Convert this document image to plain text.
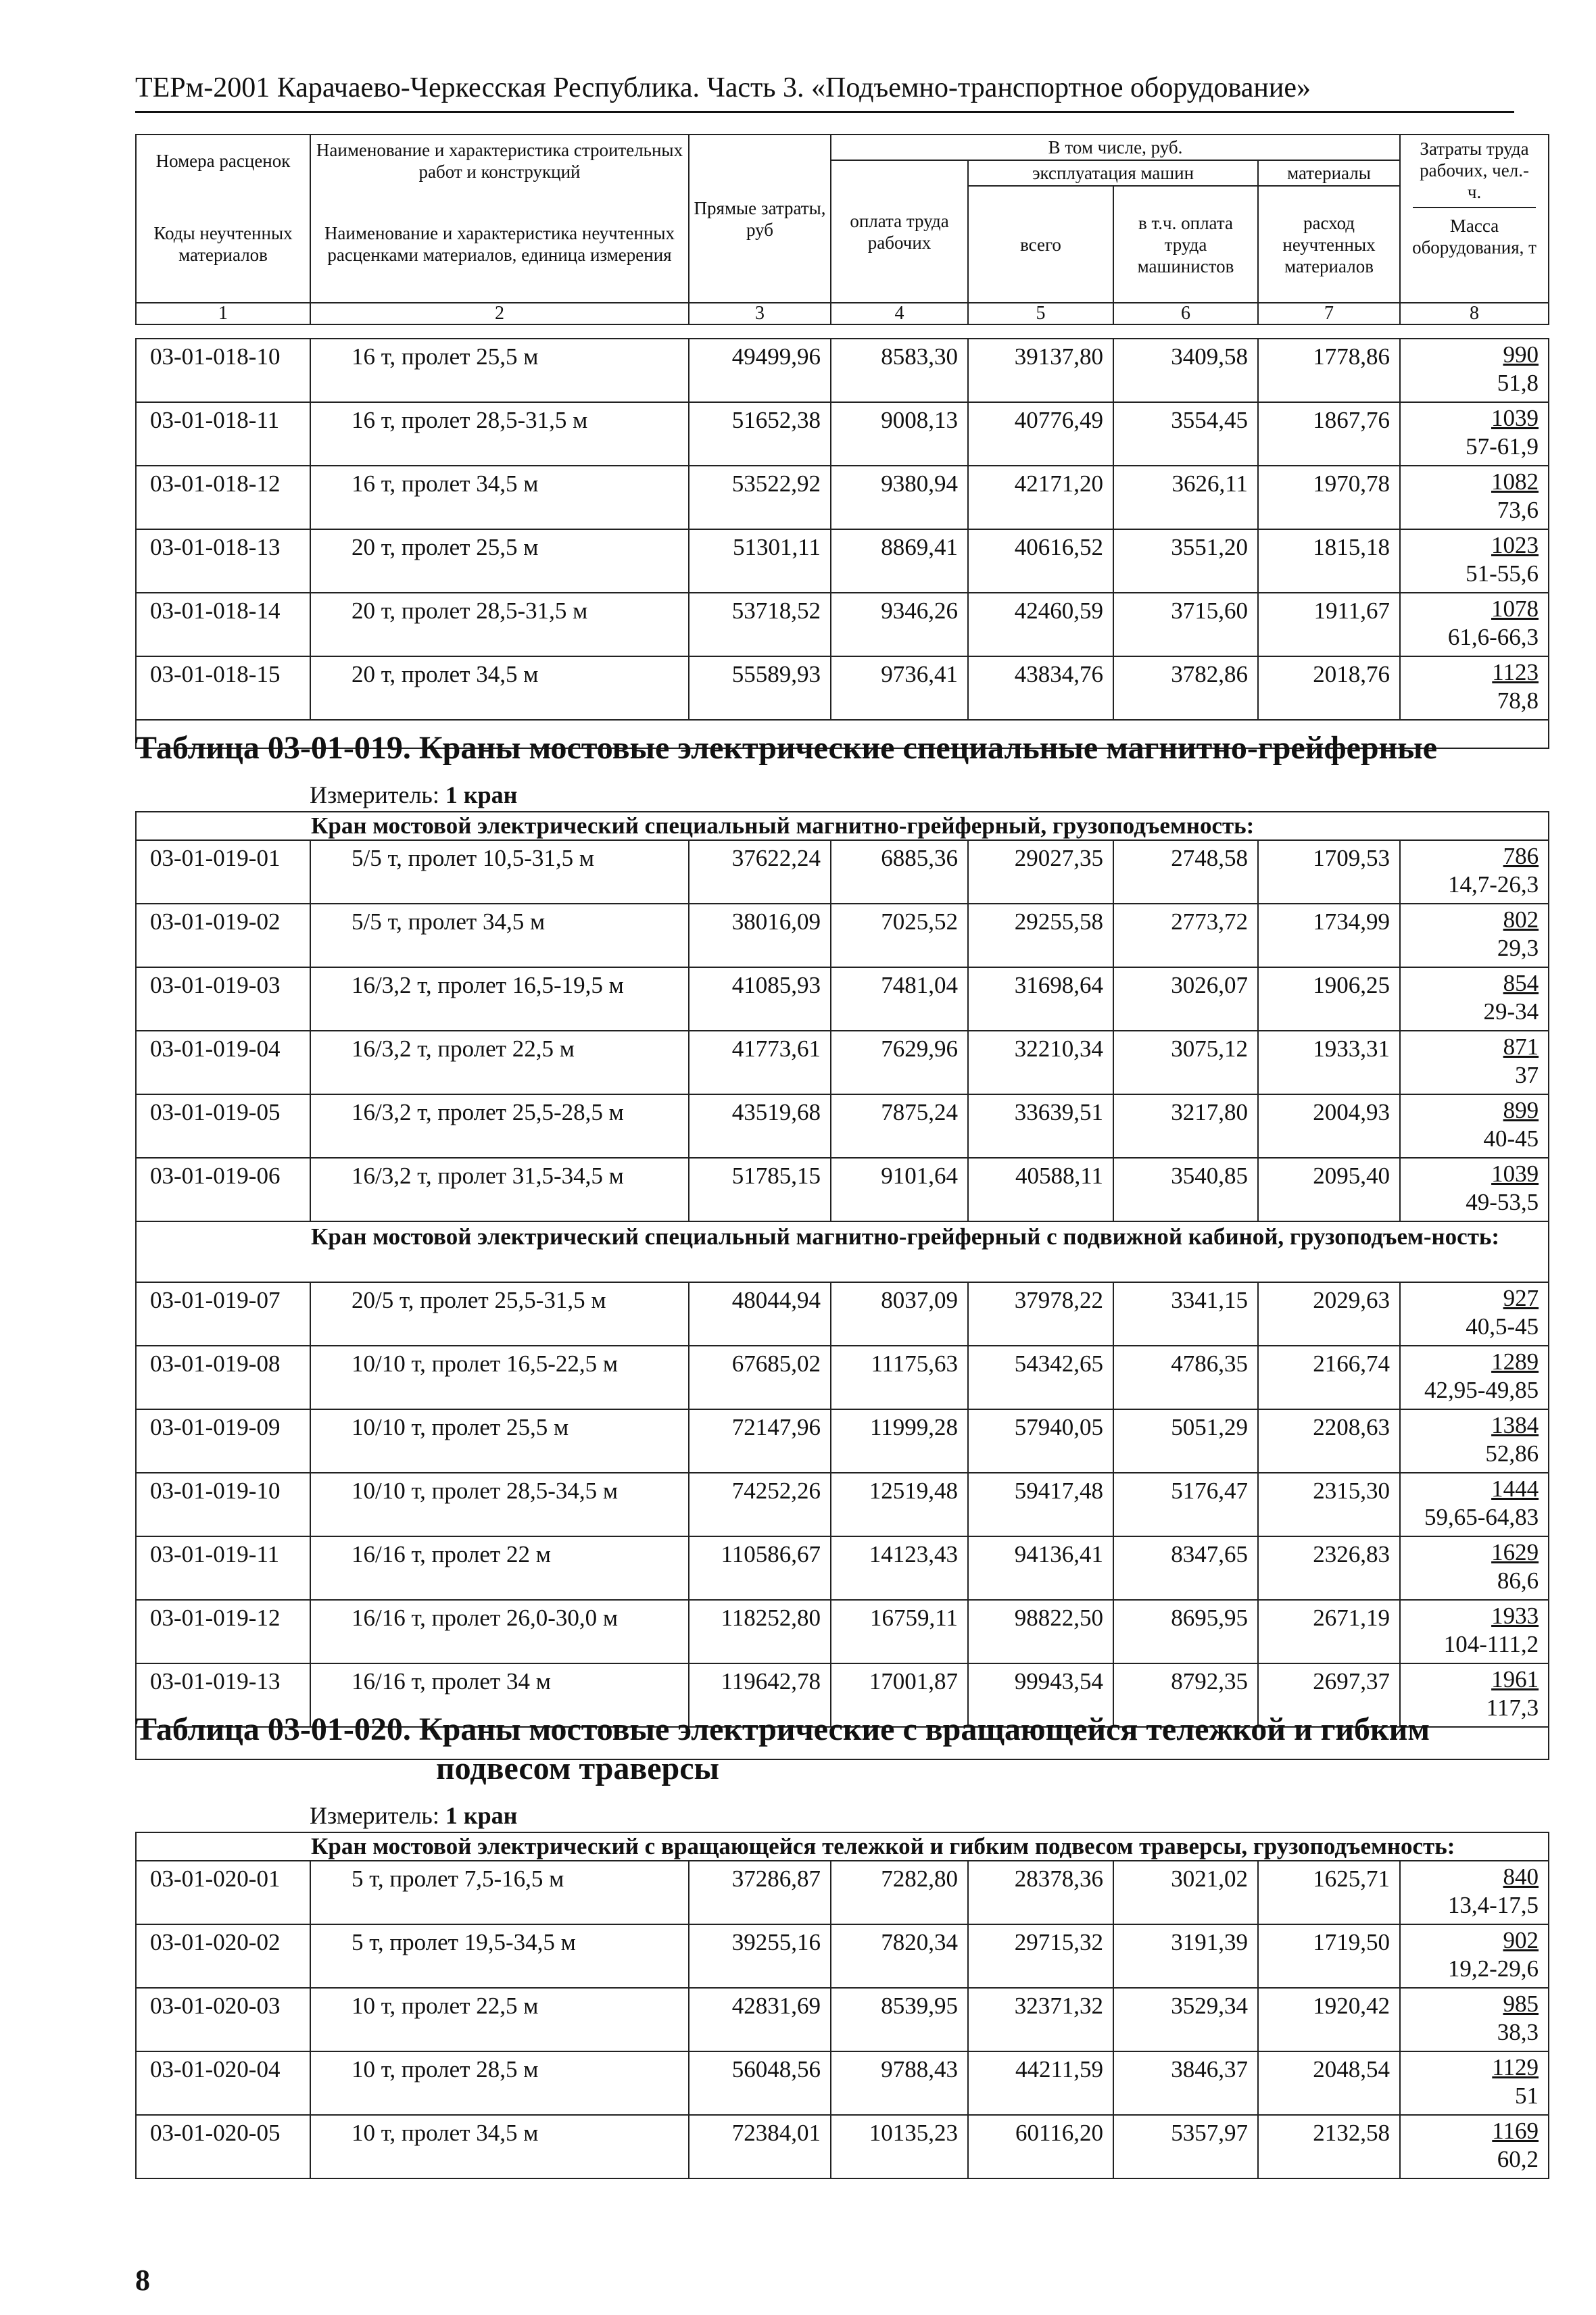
ТЕРм-2001 Карачаево-Черкесская Республика. Часть 3. «Подъемно-транспортное оборудование»
Номера расценок	Наименование и характеристика строительных работ и конструкций	Прямые затраты, руб	В том числе, руб.				Затраты труда рабочих, чел.-ч.
Масса оборудования, т

			оплата труда рабочих	эксплуатация машин		материалы	
Коды неучтенных материалов	Наименование и характеристика неучтенных расценками материалов, единица измерения			всего	в т.ч. оплата труда машинистов	расход неучтенных материалов	
1	2	3	4	5	6	7	8
03-01-018-10	16 т, пролет 25,5 м	49499,96	8583,30	39137,80	3409,58	1778,86	990
51,8

03-01-018-11	16 т, пролет 28,5-31,5 м	51652,38	9008,13	40776,49	3554,45	1867,76	1039
57-61,9

03-01-018-12	16 т, пролет 34,5 м	53522,92	9380,94	42171,20	3626,11	1970,78	1082
73,6

03-01-018-13	20 т, пролет 25,5 м	51301,11	8869,41	40616,52	3551,20	1815,18	1023
51-55,6

03-01-018-14	20 т, пролет 28,5-31,5 м	53718,52	9346,26	42460,59	3715,60	1911,67	1078
61,6-66,3

03-01-018-15	20 т, пролет 34,5 м	55589,93	9736,41	43834,76	3782,86	2018,76	1123
78,8

Таблица 03-01-019. Краны мостовые электрические специальные магнитно-грейферные
Измеритель: 1 кран
Кран мостовой электрический специальный магнитно-грейферный, грузоподъемность:							
03-01-019-01	5/5 т, пролет 10,5-31,5 м	37622,24	6885,36	29027,35	2748,58	1709,53	786
14,7-26,3

03-01-019-02	5/5 т, пролет 34,5 м	38016,09	7025,52	29255,58	2773,72	1734,99	802
29,3

03-01-019-03	16/3,2 т, пролет 16,5-19,5 м	41085,93	7481,04	31698,64	3026,07	1906,25	854
29-34

03-01-019-04	16/3,2 т, пролет 22,5 м	41773,61	7629,96	32210,34	3075,12	1933,31	871
37

03-01-019-05	16/3,2 т, пролет 25,5-28,5 м	43519,68	7875,24	33639,51	3217,80	2004,93	899
40-45

03-01-019-06	16/3,2 т, пролет 31,5-34,5 м	51785,15	9101,64	40588,11	3540,85	2095,40	1039
49-53,5

Кран мостовой электрический специальный магнитно-грейферный с подвижной кабиной, грузоподъем-ность:							
03-01-019-07	20/5 т, пролет 25,5-31,5 м	48044,94	8037,09	37978,22	3341,15	2029,63	927
40,5-45

03-01-019-08	10/10 т, пролет 16,5-22,5 м	67685,02	11175,63	54342,65	4786,35	2166,74	1289
42,95-49,85

03-01-019-09	10/10 т, пролет 25,5 м	72147,96	11999,28	57940,05	5051,29	2208,63	1384
52,86

03-01-019-10	10/10 т, пролет 28,5-34,5 м	74252,26	12519,48	59417,48	5176,47	2315,30	1444
59,65-64,83

03-01-019-11	16/16 т, пролет 22 м	110586,67	14123,43	94136,41	8347,65	2326,83	1629
86,6

03-01-019-12	16/16 т, пролет 26,0-30,0 м	118252,80	16759,11	98822,50	8695,95	2671,19	1933
104-111,2

03-01-019-13	16/16 т, пролет 34 м	119642,78	17001,87	99943,54	8792,35	2697,37	1961
117,3

Таблица 03-01-020. Краны мостовые электрические с вращающейся тележкой и гибким
подвесом траверсы
Измеритель: 1 кран
Кран мостовой электрический с вращающейся тележкой и гибким подвесом траверсы, грузоподъемность:							
03-01-020-01	5 т, пролет 7,5-16,5 м	37286,87	7282,80	28378,36	3021,02	1625,71	840
13,4-17,5

03-01-020-02	5 т, пролет 19,5-34,5 м	39255,16	7820,34	29715,32	3191,39	1719,50	902
19,2-29,6

03-01-020-03	10 т, пролет 22,5 м	42831,69	8539,95	32371,32	3529,34	1920,42	985
38,3

03-01-020-04	10 т, пролет 28,5 м	56048,56	9788,43	44211,59	3846,37	2048,54	1129
51

03-01-020-05	10 т, пролет 34,5 м	72384,01	10135,23	60116,20	5357,97	2132,58	1169
60,2
8
